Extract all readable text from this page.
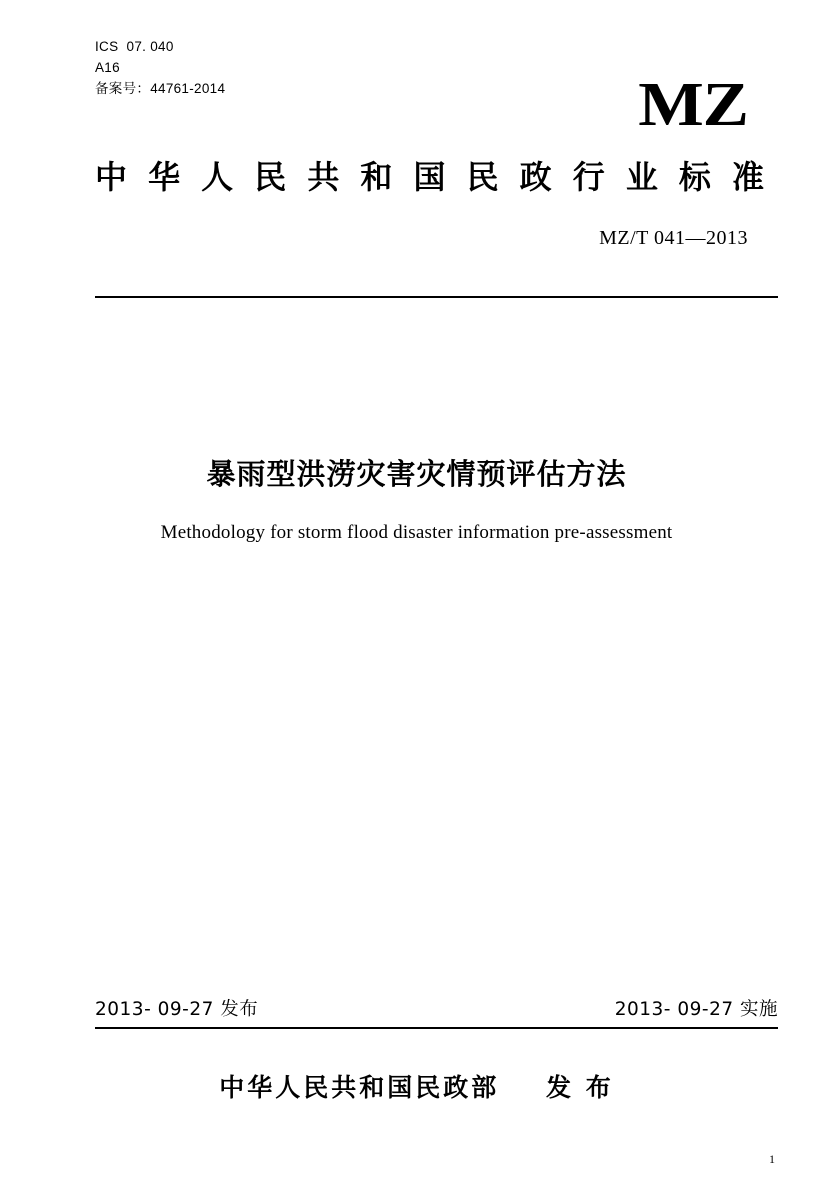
ICS  07. 040
A16
备案号：44761-2014	MZ
中华人民共和国民政行业标准
MZ/T 041—2013
暴雨型洪涝灾害灾情预评估方法
Methodology for storm flood disaster information pre-assessment
2013- 09-27 发布	2013- 09-27 实施
中华人民共和国民政部    发 布
1
